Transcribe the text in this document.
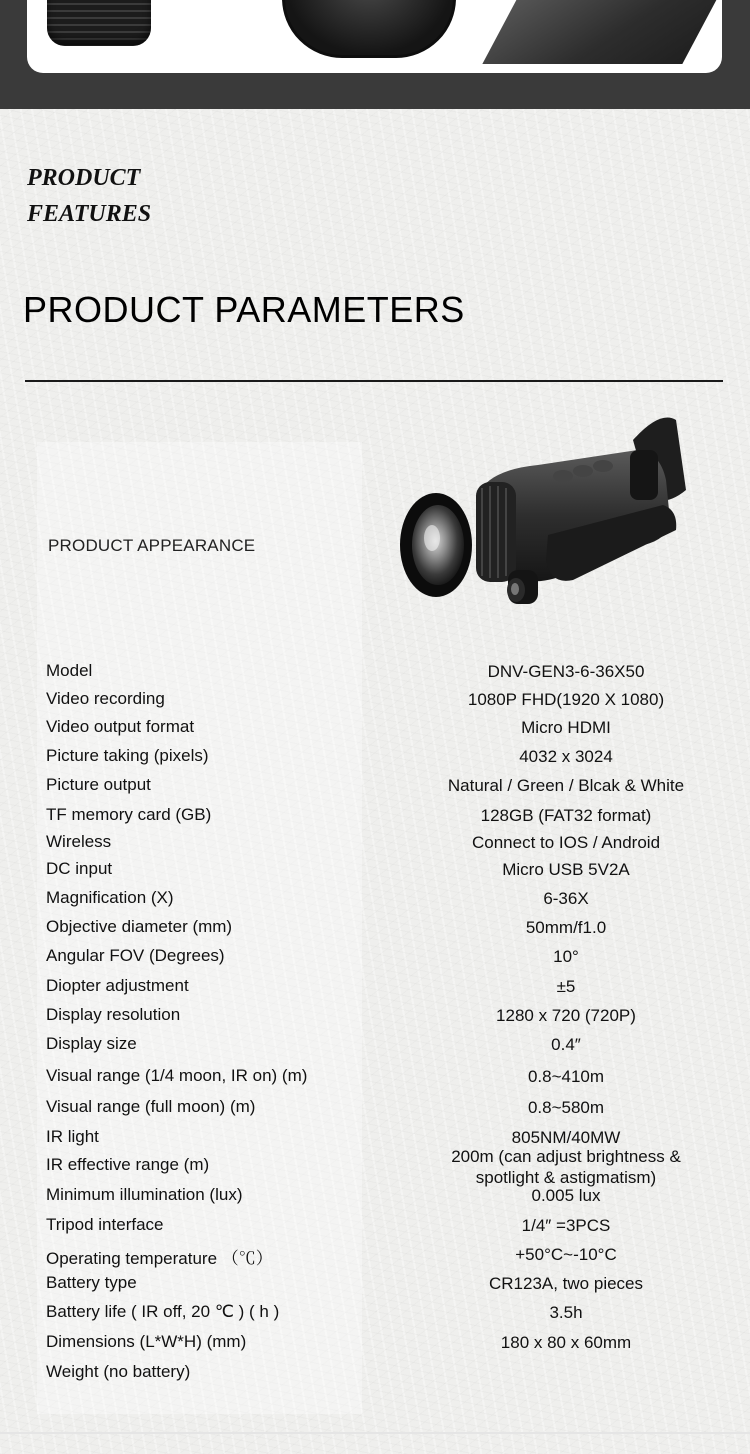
PRODUCT
FEATURES
PRODUCT PARAMETERS
PRODUCT APPEARANCE
Model	DNV-GEN3-6-36X50
Video recording	1080P FHD(1920 X 1080)
Video output format	Micro HDMI
Picture taking (pixels)	4032 x 3024
Picture output	Natural / Green / Blcak & White
TF memory card (GB)	128GB (FAT32 format)
Wireless	Connect to IOS / Android
DC input	Micro USB 5V2A
Magnification (X)	6-36X
Objective diameter (mm)	50mm/f1.0
Angular FOV (Degrees)	10°
Diopter adjustment	±5
Display resolution	1280 x 720 (720P)
Display size	0.4″
Visual range (1/4 moon, IR on) (m)	0.8~410m
Visual range (full moon) (m)	0.8~580m
IR light	805NM/40MW
IR effective range (m)	200m (can adjust brightness & spotlight & astigmatism)
Minimum illumination (lux)	0.005 lux
Tripod interface	1/4″ =3PCS
Operating temperature （℃）	+50°C~-10°C
Battery type	CR123A, two pieces
Battery life ( IR off, 20 ℃ ) ( h )	3.5h
Dimensions (L*W*H) (mm)	180 x 80 x 60mm
Weight (no battery)
